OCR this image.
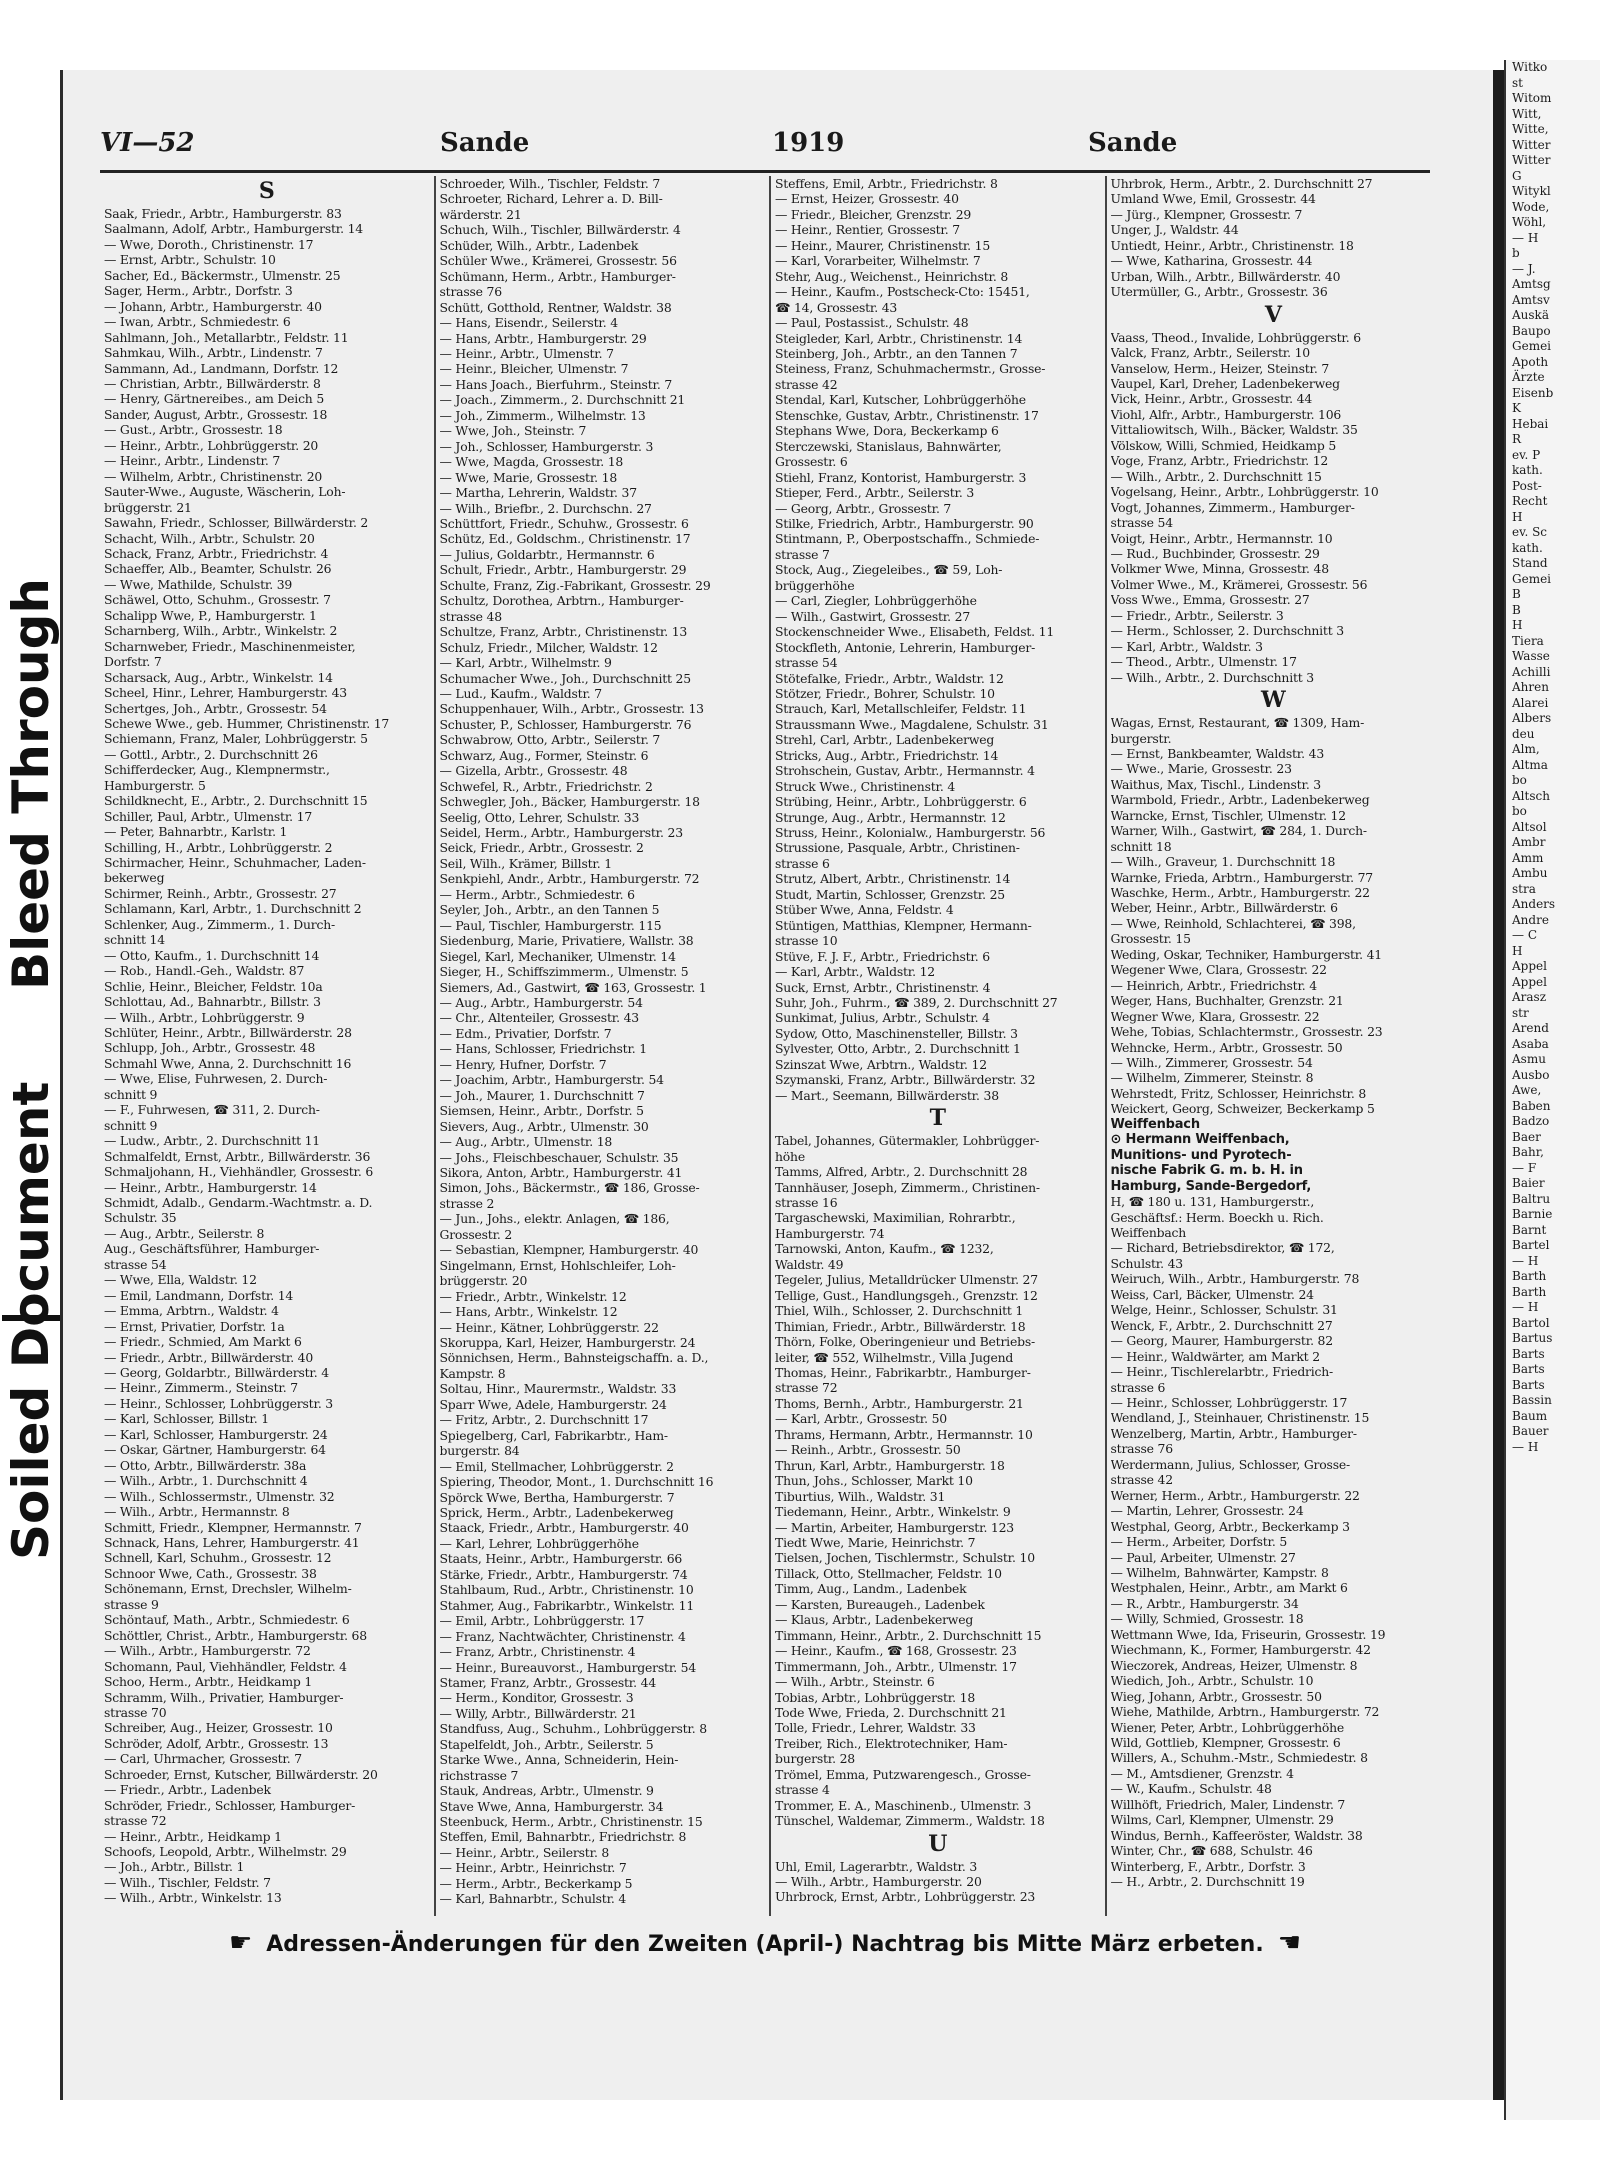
Bleed Through
Soiled Document
Witko
st
Witom
Witt,
Witte,
Witter
Witter
G
Witykl
Wode,
Wöhl,
— H
b
— J.
Amtsg
Amtsv
Auskä
Baupo
Gemei
Apoth
Ärzte
Eisenb
K
Hebai
R
ev. P
kath.
Post-
Recht
H
ev. Sc
kath.
Stand
Gemei
B
B
H
Tiera
Wasse
Achilli
Ahren
Alarei
Albers
deu
Alm,
Altma
bo
Altsch
bo
Altsol
Ambr
Amm
Ambu
stra
Anders
Andre
— C
H
Appel
Appel
Arasz
str
Arend
Asaba
Asmu
Ausbo
Awe,
Baben
Badzo
Baer
Bahr,
— F
Baier
Baltru
Barnie
Barnt
Bartel
— H
Barth
Barth
— H
Bartol
Bartus
Barts
Barts
Barts
Bassin
Baum
Bauer
— H
VI—52	Sande	1919	Sande
S
Saak, Friedr., Arbtr., Hamburgerstr. 83
Saalmann, Adolf, Arbtr., Hamburgerstr. 14
— Wwe, Doroth., Christinenstr. 17
— Ernst, Arbtr., Schulstr. 10
Sacher, Ed., Bäckermstr., Ulmenstr. 25
Sager, Herm., Arbtr., Dorfstr. 3
— Johann, Arbtr., Hamburgerstr. 40
— Iwan, Arbtr., Schmiedestr. 6
Sahlmann, Joh., Metallarbtr., Feldstr. 11
Sahmkau, Wilh., Arbtr., Lindenstr. 7
Sammann, Ad., Landmann, Dorfstr. 12
— Christian, Arbtr., Billwärderstr. 8
— Henry, Gärtnereibes., am Deich 5
Sander, August, Arbtr., Grossestr. 18
— Gust., Arbtr., Grossestr. 18
— Heinr., Arbtr., Lohbrüggerstr. 20
— Heinr., Arbtr., Lindenstr. 7
— Wilhelm, Arbtr., Christinenstr. 20
Sauter-Wwe., Auguste, Wäscherin, Loh-
brüggerstr. 21
Sawahn, Friedr., Schlosser, Billwärderstr. 2
Schacht, Wilh., Arbtr., Schulstr. 20
Schack, Franz, Arbtr., Friedrichstr. 4
Schaeffer, Alb., Beamter, Schulstr. 26
— Wwe, Mathilde, Schulstr. 39
Schäwel, Otto, Schuhm., Grossestr. 7
Schalipp Wwe, P., Hamburgerstr. 1
Scharnberg, Wilh., Arbtr., Winkelstr. 2
Scharnweber, Friedr., Maschinenmeister,
Dorfstr. 7
Scharsack, Aug., Arbtr., Winkelstr. 14
Scheel, Hinr., Lehrer, Hamburgerstr. 43
Schertges, Joh., Arbtr., Grossestr. 54
Schewe Wwe., geb. Hummer, Christinenstr. 17
Schiemann, Franz, Maler, Lohbrüggerstr. 5
— Gottl., Arbtr., 2. Durchschnitt 26
Schifferdecker, Aug., Klempnermstr.,
Hamburgerstr. 5
Schildknecht, E., Arbtr., 2. Durchschnitt 15
Schiller, Paul, Arbtr., Ulmenstr. 17
— Peter, Bahnarbtr., Karlstr. 1
Schilling, H., Arbtr., Lohbrüggerstr. 2
Schirmacher, Heinr., Schuhmacher, Laden-
bekerweg
Schirmer, Reinh., Arbtr., Grossestr. 27
Schlamann, Karl, Arbtr., 1. Durchschnitt 2
Schlenker, Aug., Zimmerm., 1. Durch-
schnitt 14
— Otto, Kaufm., 1. Durchschnitt 14
— Rob., Handl.-Geh., Waldstr. 87
Schlie, Heinr., Bleicher, Feldstr. 10a
Schlottau, Ad., Bahnarbtr., Billstr. 3
— Wilh., Arbtr., Lohbrüggerstr. 9
Schlüter, Heinr., Arbtr., Billwärderstr. 28
Schlupp, Joh., Arbtr., Grossestr. 48
Schmahl Wwe, Anna, 2. Durchschnitt 16
— Wwe, Elise, Fuhrwesen, 2. Durch-
schnitt 9
— F., Fuhrwesen, ☎ 311, 2. Durch-
schnitt 9
— Ludw., Arbtr., 2. Durchschnitt 11
Schmalfeldt, Ernst, Arbtr., Billwärderstr. 36
Schmaljohann, H., Viehhändler, Grossestr. 6
— Heinr., Arbtr., Hamburgerstr. 14
Schmidt, Adalb., Gendarm.-Wachtmstr. a. D.
Schulstr. 35
— Aug., Arbtr., Seilerstr. 8
Aug., Geschäftsführer, Hamburger-
strasse 54
— Wwe, Ella, Waldstr. 12
— Emil, Landmann, Dorfstr. 14
— Emma, Arbtrn., Waldstr. 4
— Ernst, Privatier, Dorfstr. 1a
— Friedr., Schmied, Am Markt 6
— Friedr., Arbtr., Billwärderstr. 40
— Georg, Goldarbtr., Billwärderstr. 4
— Heinr., Zimmerm., Steinstr. 7
— Heinr., Schlosser, Lohbrüggerstr. 3
— Karl, Schlosser, Billstr. 1
— Karl, Schlosser, Hamburgerstr. 24
— Oskar, Gärtner, Hamburgerstr. 64
— Otto, Arbtr., Billwärderstr. 38a
— Wilh., Arbtr., 1. Durchschnitt 4
— Wilh., Schlossermstr., Ulmenstr. 32
— Wilh., Arbtr., Hermannstr. 8
Schmitt, Friedr., Klempner, Hermannstr. 7
Schnack, Hans, Lehrer, Hamburgerstr. 41
Schnell, Karl, Schuhm., Grossestr. 12
Schnoor Wwe, Cath., Grossestr. 38
Schönemann, Ernst, Drechsler, Wilhelm-
strasse 9
Schöntauf, Math., Arbtr., Schmiedestr. 6
Schöttler, Christ., Arbtr., Hamburgerstr. 68
— Wilh., Arbtr., Hamburgerstr. 72
Schomann, Paul, Viehhändler, Feldstr. 4
Schoo, Herm., Arbtr., Heidkamp 1
Schramm, Wilh., Privatier, Hamburger-
strasse 70
Schreiber, Aug., Heizer, Grossestr. 10
Schröder, Adolf, Arbtr., Grossestr. 13
— Carl, Uhrmacher, Grossestr. 7
Schroeder, Ernst, Kutscher, Billwärderstr. 20
— Friedr., Arbtr., Ladenbek
Schröder, Friedr., Schlosser, Hamburger-
strasse 72
— Heinr., Arbtr., Heidkamp 1
Schoofs, Leopold, Arbtr., Wilhelmstr. 29
— Joh., Arbtr., Billstr. 1
— Wilh., Tischler, Feldstr. 7
— Wilh., Arbtr., Winkelstr. 13
Schroeder, Wilh., Tischler, Feldstr. 7
Schroeter, Richard, Lehrer a. D. Bill-
wärderstr. 21
Schuch, Wilh., Tischler, Billwärderstr. 4
Schüder, Wilh., Arbtr., Ladenbek
Schüler Wwe., Krämerei, Grossestr. 56
Schümann, Herm., Arbtr., Hamburger-
strasse 76
Schütt, Gotthold, Rentner, Waldstr. 38
— Hans, Eisendr., Seilerstr. 4
— Hans, Arbtr., Hamburgerstr. 29
— Heinr., Arbtr., Ulmenstr. 7
— Heinr., Bleicher, Ulmenstr. 7
— Hans Joach., Bierfuhrm., Steinstr. 7
— Joach., Zimmerm., 2. Durchschnitt 21
— Joh., Zimmerm., Wilhelmstr. 13
— Wwe, Joh., Steinstr. 7
— Joh., Schlosser, Hamburgerstr. 3
— Wwe, Magda, Grossestr. 18
— Wwe, Marie, Grossestr. 18
— Martha, Lehrerin, Waldstr. 37
— Wilh., Briefbr., 2. Durchschn. 27
Schüttfort, Friedr., Schuhw., Grossestr. 6
Schütz, Ed., Goldschm., Christinenstr. 17
— Julius, Goldarbtr., Hermannstr. 6
Schult, Friedr., Arbtr., Hamburgerstr. 29
Schulte, Franz, Zig.-Fabrikant, Grossestr. 29
Schultz, Dorothea, Arbtrn., Hamburger-
strasse 48
Schultze, Franz, Arbtr., Christinenstr. 13
Schulz, Friedr., Milcher, Waldstr. 12
— Karl, Arbtr., Wilhelmstr. 9
Schumacher Wwe., Joh., Durchschnitt 25
— Lud., Kaufm., Waldstr. 7
Schuppenhauer, Wilh., Arbtr., Grossestr. 13
Schuster, P., Schlosser, Hamburgerstr. 76
Schwabrow, Otto, Arbtr., Seilerstr. 7
Schwarz, Aug., Former, Steinstr. 6
— Gizella, Arbtr., Grossestr. 48
Schwefel, R., Arbtr., Friedrichstr. 2
Schwegler, Joh., Bäcker, Hamburgerstr. 18
Seelig, Otto, Lehrer, Schulstr. 33
Seidel, Herm., Arbtr., Hamburgerstr. 23
Seick, Friedr., Arbtr., Grossestr. 2
Seil, Wilh., Krämer, Billstr. 1
Senkpiehl, Andr., Arbtr., Hamburgerstr. 72
— Herm., Arbtr., Schmiedestr. 6
Seyler, Joh., Arbtr., an den Tannen 5
— Paul, Tischler, Hamburgerstr. 115
Siedenburg, Marie, Privatiere, Wallstr. 38
Siegel, Karl, Mechaniker, Ulmenstr. 14
Sieger, H., Schiffszimmerm., Ulmenstr. 5
Siemers, Ad., Gastwirt, ☎ 163, Grossestr. 1
— Aug., Arbtr., Hamburgerstr. 54
— Chr., Altenteiler, Grossestr. 43
— Edm., Privatier, Dorfstr. 7
— Hans, Schlosser, Friedrichstr. 1
— Henry, Hufner, Dorfstr. 7
— Joachim, Arbtr., Hamburgerstr. 54
— Joh., Maurer, 1. Durchschnitt 7
Siemsen, Heinr., Arbtr., Dorfstr. 5
Sievers, Aug., Arbtr., Ulmenstr. 30
— Aug., Arbtr., Ulmenstr. 18
— Johs., Fleischbeschauer, Schulstr. 35
Sikora, Anton, Arbtr., Hamburgerstr. 41
Simon, Johs., Bäckermstr., ☎ 186, Grosse-
strasse 2
— Jun., Johs., elektr. Anlagen, ☎ 186,
Grossestr. 2
— Sebastian, Klempner, Hamburgerstr. 40
Singelmann, Ernst, Hohlschleifer, Loh-
brüggerstr. 20
— Friedr., Arbtr., Winkelstr. 12
— Hans, Arbtr., Winkelstr. 12
— Heinr., Kätner, Lohbrüggerstr. 22
Skoruppa, Karl, Heizer, Hamburgerstr. 24
Sönnichsen, Herm., Bahnsteigschaffn. a. D.,
Kampstr. 8
Soltau, Hinr., Maurermstr., Waldstr. 33
Sparr Wwe, Adele, Hamburgerstr. 24
— Fritz, Arbtr., 2. Durchschnitt 17
Spiegelberg, Carl, Fabrikarbtr., Ham-
burgerstr. 84
— Emil, Stellmacher, Lohbrüggerstr. 2
Spiering, Theodor, Mont., 1. Durchschnitt 16
Spörck Wwe, Bertha, Hamburgerstr. 7
Sprick, Herm., Arbtr., Ladenbekerweg
Staack, Friedr., Arbtr., Hamburgerstr. 40
— Karl, Lehrer, Lohbrüggerhöhe
Staats, Heinr., Arbtr., Hamburgerstr. 66
Stärke, Friedr., Arbtr., Hamburgerstr. 74
Stahlbaum, Rud., Arbtr., Christinenstr. 10
Stahmer, Aug., Fabrikarbtr., Winkelstr. 11
— Emil, Arbtr., Lohbrüggerstr. 17
— Franz, Nachtwächter, Christinenstr. 4
— Franz, Arbtr., Christinenstr. 4
— Heinr., Bureauvorst., Hamburgerstr. 54
Stamer, Franz, Arbtr., Grossestr. 44
— Herm., Konditor, Grossestr. 3
— Willy, Arbtr., Billwärderstr. 21
Standfuss, Aug., Schuhm., Lohbrüggerstr. 8
Stapelfeldt, Joh., Arbtr., Seilerstr. 5
Starke Wwe., Anna, Schneiderin, Hein-
richstrasse 7
Stauk, Andreas, Arbtr., Ulmenstr. 9
Stave Wwe, Anna, Hamburgerstr. 34
Steenbuck, Herm., Arbtr., Christinenstr. 15
Steffen, Emil, Bahnarbtr., Friedrichstr. 8
— Heinr., Arbtr., Seilerstr. 8
— Heinr., Arbtr., Heinrichstr. 7
— Herm., Arbtr., Beckerkamp 5
— Karl, Bahnarbtr., Schulstr. 4
Steffens, Emil, Arbtr., Friedrichstr. 8
— Ernst, Heizer, Grossestr. 40
— Friedr., Bleicher, Grenzstr. 29
— Heinr., Rentier, Grossestr. 7
— Heinr., Maurer, Christinenstr. 15
— Karl, Vorarbeiter, Wilhelmstr. 7
Stehr, Aug., Weichenst., Heinrichstr. 8
— Heinr., Kaufm., Postscheck-Cto: 15451,
☎ 14, Grossestr. 43
— Paul, Postassist., Schulstr. 48
Steigleder, Karl, Arbtr., Christinenstr. 14
Steinberg, Joh., Arbtr., an den Tannen 7
Steiness, Franz, Schuhmachermstr., Grosse-
strasse 42
Stendal, Karl, Kutscher, Lohbrüggerhöhe
Stenschke, Gustav, Arbtr., Christinenstr. 17
Stephans Wwe, Dora, Beckerkamp 6
Sterczewski, Stanislaus, Bahnwärter,
Grossestr. 6
Stiehl, Franz, Kontorist, Hamburgerstr. 3
Stieper, Ferd., Arbtr., Seilerstr. 3
— Georg, Arbtr., Grossestr. 7
Stilke, Friedrich, Arbtr., Hamburgerstr. 90
Stintmann, P., Oberpostschaffn., Schmiede-
strasse 7
Stock, Aug., Ziegeleibes., ☎ 59, Loh-
brüggerhöhe
— Carl, Ziegler, Lohbrüggerhöhe
— Wilh., Gastwirt, Grossestr. 27
Stockenschneider Wwe., Elisabeth, Feldst. 11
Stockfleth, Antonie, Lehrerin, Hamburger-
strasse 54
Stötefalke, Friedr., Arbtr., Waldstr. 12
Stötzer, Friedr., Bohrer, Schulstr. 10
Strauch, Karl, Metallschleifer, Feldstr. 11
Straussmann Wwe., Magdalene, Schulstr. 31
Strehl, Carl, Arbtr., Ladenbekerweg
Stricks, Aug., Arbtr., Friedrichstr. 14
Strohschein, Gustav, Arbtr., Hermannstr. 4
Struck Wwe., Christinenstr. 4
Strübing, Heinr., Arbtr., Lohbrüggerstr. 6
Strunge, Aug., Arbtr., Hermannstr. 12
Struss, Heinr., Kolonialw., Hamburgerstr. 56
Strussione, Pasquale, Arbtr., Christinen-
strasse 6
Strutz, Albert, Arbtr., Christinenstr. 14
Studt, Martin, Schlosser, Grenzstr. 25
Stüber Wwe, Anna, Feldstr. 4
Stüntigen, Matthias, Klempner, Hermann-
strasse 10
Stüve, F. J. F., Arbtr., Friedrichstr. 6
— Karl, Arbtr., Waldstr. 12
Suck, Ernst, Arbtr., Christinenstr. 4
Suhr, Joh., Fuhrm., ☎ 389, 2. Durchschnitt 27
Sunkimat, Julius, Arbtr., Schulstr. 4
Sydow, Otto, Maschinensteller, Billstr. 3
Sylvester, Otto, Arbtr., 2. Durchschnitt 1
Szinszat Wwe, Arbtrn., Waldstr. 12
Szymanski, Franz, Arbtr., Billwärderstr. 32
— Mart., Seemann, Billwärderstr. 38
T
Tabel, Johannes, Gütermakler, Lohbrügger-
höhe
Tamms, Alfred, Arbtr., 2. Durchschnitt 28
Tannhäuser, Joseph, Zimmerm., Christinen-
strasse 16
Targaschewski, Maximilian, Rohrarbtr.,
Hamburgerstr. 74
Tarnowski, Anton, Kaufm., ☎ 1232,
Waldstr. 49
Tegeler, Julius, Metalldrücker Ulmenstr. 27
Tellige, Gust., Handlungsgeh., Grenzstr. 12
Thiel, Wilh., Schlosser, 2. Durchschnitt 1
Thimian, Friedr., Arbtr., Billwärderstr. 18
Thörn, Folke, Oberingenieur und Betriebs-
leiter, ☎ 552, Wilhelmstr., Villa Jugend
Thomas, Heinr., Fabrikarbtr., Hamburger-
strasse 72
Thoms, Bernh., Arbtr., Hamburgerstr. 21
— Karl, Arbtr., Grossestr. 50
Thrams, Hermann, Arbtr., Hermannstr. 10
— Reinh., Arbtr., Grossestr. 50
Thrun, Karl, Arbtr., Hamburgerstr. 18
Thun, Johs., Schlosser, Markt 10
Tiburtius, Wilh., Waldstr. 31
Tiedemann, Heinr., Arbtr., Winkelstr. 9
— Martin, Arbeiter, Hamburgerstr. 123
Tiedt Wwe, Marie, Heinrichstr. 7
Tielsen, Jochen, Tischlermstr., Schulstr. 10
Tillack, Otto, Stellmacher, Feldstr. 10
Timm, Aug., Landm., Ladenbek
— Karsten, Bureaugeh., Ladenbek
— Klaus, Arbtr., Ladenbekerweg
Timmann, Heinr., Arbtr., 2. Durchschnitt 15
— Heinr., Kaufm., ☎ 168, Grossestr. 23
Timmermann, Joh., Arbtr., Ulmenstr. 17
— Wilh., Arbtr., Steinstr. 6
Tobias, Arbtr., Lohbrüggerstr. 18
Tode Wwe, Frieda, 2. Durchschnitt 21
Tolle, Friedr., Lehrer, Waldstr. 33
Treiber, Rich., Elektrotechniker, Ham-
burgerstr. 28
Trömel, Emma, Putzwarengesch., Grosse-
strasse 4
Trommer, E. A., Maschinenb., Ulmenstr. 3
Tünschel, Waldemar, Zimmerm., Waldstr. 18
U
Uhl, Emil, Lagerarbtr., Waldstr. 3
— Wilh., Arbtr., Hamburgerstr. 20
Uhrbrock, Ernst, Arbtr., Lohbrüggerstr. 23
Uhrbrok, Herm., Arbtr., 2. Durchschnitt 27
Umland Wwe, Emil, Grossestr. 44
— Jürg., Klempner, Grossestr. 7
Unger, J., Waldstr. 44
Untiedt, Heinr., Arbtr., Christinenstr. 18
— Wwe, Katharina, Grossestr. 44
Urban, Wilh., Arbtr., Billwärderstr. 40
Utermüller, G., Arbtr., Grossestr. 36
V
Vaass, Theod., Invalide, Lohbrüggerstr. 6
Valck, Franz, Arbtr., Seilerstr. 10
Vanselow, Herm., Heizer, Steinstr. 7
Vaupel, Karl, Dreher, Ladenbekerweg
Vick, Heinr., Arbtr., Grossestr. 44
Viohl, Alfr., Arbtr., Hamburgerstr. 106
Vittaliowitsch, Wilh., Bäcker, Waldstr. 35
Völskow, Willi, Schmied, Heidkamp 5
Voge, Franz, Arbtr., Friedrichstr. 12
— Wilh., Arbtr., 2. Durchschnitt 15
Vogelsang, Heinr., Arbtr., Lohbrüggerstr. 10
Vogt, Johannes, Zimmerm., Hamburger-
strasse 54
Voigt, Heinr., Arbtr., Hermannstr. 10
— Rud., Buchbinder, Grossestr. 29
Volkmer Wwe, Minna, Grossestr. 48
Volmer Wwe., M., Krämerei, Grossestr. 56
Voss Wwe., Emma, Grossestr. 27
— Friedr., Arbtr., Seilerstr. 3
— Herm., Schlosser, 2. Durchschnitt 3
— Karl, Arbtr., Waldstr. 3
— Theod., Arbtr., Ulmenstr. 17
— Wilh., Arbtr., 2. Durchschnitt 3
W
Wagas, Ernst, Restaurant, ☎ 1309, Ham-
burgerstr.
— Ernst, Bankbeamter, Waldstr. 43
— Wwe., Marie, Grossestr. 23
Waithus, Max, Tischl., Lindenstr. 3
Warmbold, Friedr., Arbtr., Ladenbekerweg
Warncke, Ernst, Tischler, Ulmenstr. 12
Warner, Wilh., Gastwirt, ☎ 284, 1. Durch-
schnitt 18
— Wilh., Graveur, 1. Durchschnitt 18
Warnke, Frieda, Arbtrn., Hamburgerstr. 77
Waschke, Herm., Arbtr., Hamburgerstr. 22
Weber, Heinr., Arbtr., Billwärderstr. 6
— Wwe, Reinhold, Schlachterei, ☎ 398,
Grossestr. 15
Weding, Oskar, Techniker, Hamburgerstr. 41
Wegener Wwe, Clara, Grossestr. 22
— Heinrich, Arbtr., Friedrichstr. 4
Weger, Hans, Buchhalter, Grenzstr. 21
Wegner Wwe, Klara, Grossestr. 22
Wehe, Tobias, Schlachtermstr., Grossestr. 23
Wehncke, Herm., Arbtr., Grossestr. 50
— Wilh., Zimmerer, Grossestr. 54
— Wilhelm, Zimmerer, Steinstr. 8
Wehrstedt, Fritz, Schlosser, Heinrichstr. 8
Weickert, Georg, Schweizer, Beckerkamp 5
Weiffenbach
⊙ Hermann Weiffenbach,
Munitions- und Pyrotech-
nische Fabrik G. m. b. H. in
Hamburg, Sande-Bergedorf,
H, ☎ 180 u. 131, Hamburgerstr.,
Geschäftsf.: Herm. Boeckh u. Rich.
Weiffenbach
— Richard, Betriebsdirektor, ☎ 172,
Schulstr. 43
Weiruch, Wilh., Arbtr., Hamburgerstr. 78
Weiss, Carl, Bäcker, Ulmenstr. 24
Welge, Heinr., Schlosser, Schulstr. 31
Wenck, F., Arbtr., 2. Durchschnitt 27
— Georg, Maurer, Hamburgerstr. 82
— Heinr., Waldwärter, am Markt 2
— Heinr., Tischlerelarbtr., Friedrich-
strasse 6
— Heinr., Schlosser, Lohbrüggerstr. 17
Wendland, J., Steinhauer, Christinenstr. 15
Wenzelberg, Martin, Arbtr., Hamburger-
strasse 76
Werdermann, Julius, Schlosser, Grosse-
strasse 42
Werner, Herm., Arbtr., Hamburgerstr. 22
— Martin, Lehrer, Grossestr. 24
Westphal, Georg, Arbtr., Beckerkamp 3
— Herm., Arbeiter, Dorfstr. 5
— Paul, Arbeiter, Ulmenstr. 27
— Wilhelm, Bahnwärter, Kampstr. 8
Westphalen, Heinr., Arbtr., am Markt 6
— R., Arbtr., Hamburgerstr. 34
— Willy, Schmied, Grossestr. 18
Wettmann Wwe, Ida, Friseurin, Grossestr. 19
Wiechmann, K., Former, Hamburgerstr. 42
Wieczorek, Andreas, Heizer, Ulmenstr. 8
Wiedich, Joh., Arbtr., Schulstr. 10
Wieg, Johann, Arbtr., Grossestr. 50
Wiehe, Mathilde, Arbtrn., Hamburgerstr. 72
Wiener, Peter, Arbtr., Lohbrüggerhöhe
Wild, Gottlieb, Klempner, Grossestr. 6
Willers, A., Schuhm.-Mstr., Schmiedestr. 8
— M., Amtsdiener, Grenzstr. 4
— W., Kaufm., Schulstr. 48
Willhöft, Friedrich, Maler, Lindenstr. 7
Wilms, Carl, Klempner, Ulmenstr. 29
Windus, Bernh., Kaffeeröster, Waldstr. 38
Winter, Chr., ☎ 688, Schulstr. 46
Winterberg, F., Arbtr., Dorfstr. 3
— H., Arbtr., 2. Durchschnitt 19
☛ Adressen-Änderungen für den Zweiten (April-) Nachtrag bis Mitte März erbeten. ☚
